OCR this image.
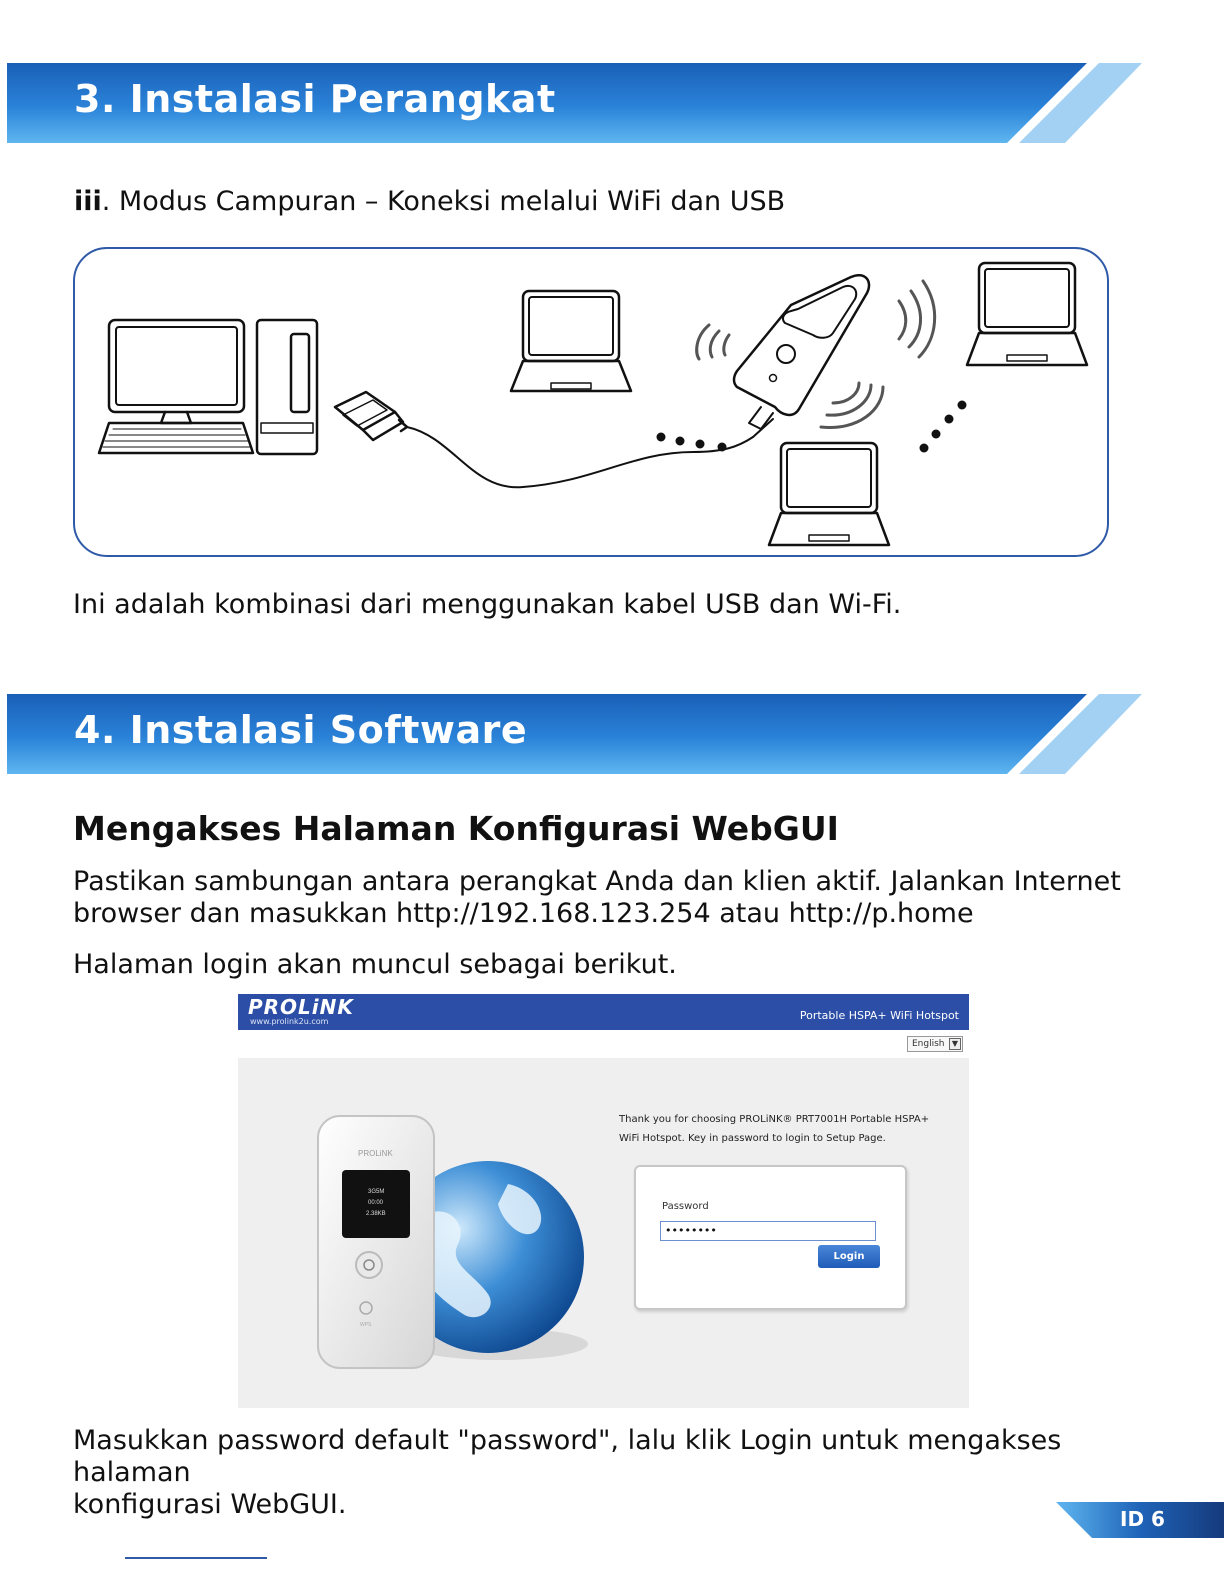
3. Instalasi Perangkat
iii. Modus Campuran – Koneksi melalui WiFi dan USB
Ini adalah kombinasi dari menggunakan kabel USB dan Wi-Fi.
4. Instalasi Software
Mengakses Halaman Konfigurasi WebGUI
Pastikan sambungan antara perangkat Anda dan klien aktif. Jalankan Internet
browser dan masukkan http://192.168.123.254 atau http://p.home
Halaman login akan muncul sebagai berikut.
PROLiNK
www.prolink2u.com	Portable HSPA+ WiFi Hotspot
English ▼
PROLiNK
3G5M
00:00
2.38KB
WPS
Thank you for choosing PROLiNK® PRT7001H Portable HSPA+
WiFi Hotspot. Key in password to login to Setup Page.
Password
••••••••
Login
Masukkan password default "password", lalu klik Login untuk mengakses halaman
konfigurasi WebGUI.	ID 6
